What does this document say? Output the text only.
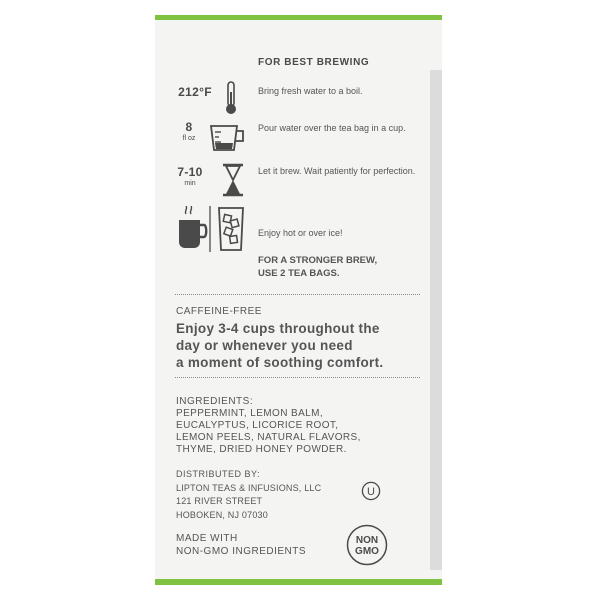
FOR BEST BREWING
212°F	Bring fresh water to a boil.
8
fl oz
Pour water over the tea bag in a cup.
7-10
min
Let it brew. Wait patiently for perfection.
Enjoy hot or over ice!
FOR A STRONGER BREW,
USE 2 TEA BAGS.
CAFFEINE-FREE
Enjoy 3-4 cups throughout the
day or whenever you need
a moment of soothing comfort.
INGREDIENTS:
PEPPERMINT, LEMON BALM,
EUCALYPTUS, LICORICE ROOT,
LEMON PEELS, NATURAL FLAVORS,
THYME, DRIED HONEY POWDER.
DISTRIBUTED BY:
LIPTON TEAS & INFUSIONS, LLC
121 RIVER STREET
HOBOKEN, NJ 07030
U
MADE WITH
NON-GMO INGREDIENTS
NON
GMO
